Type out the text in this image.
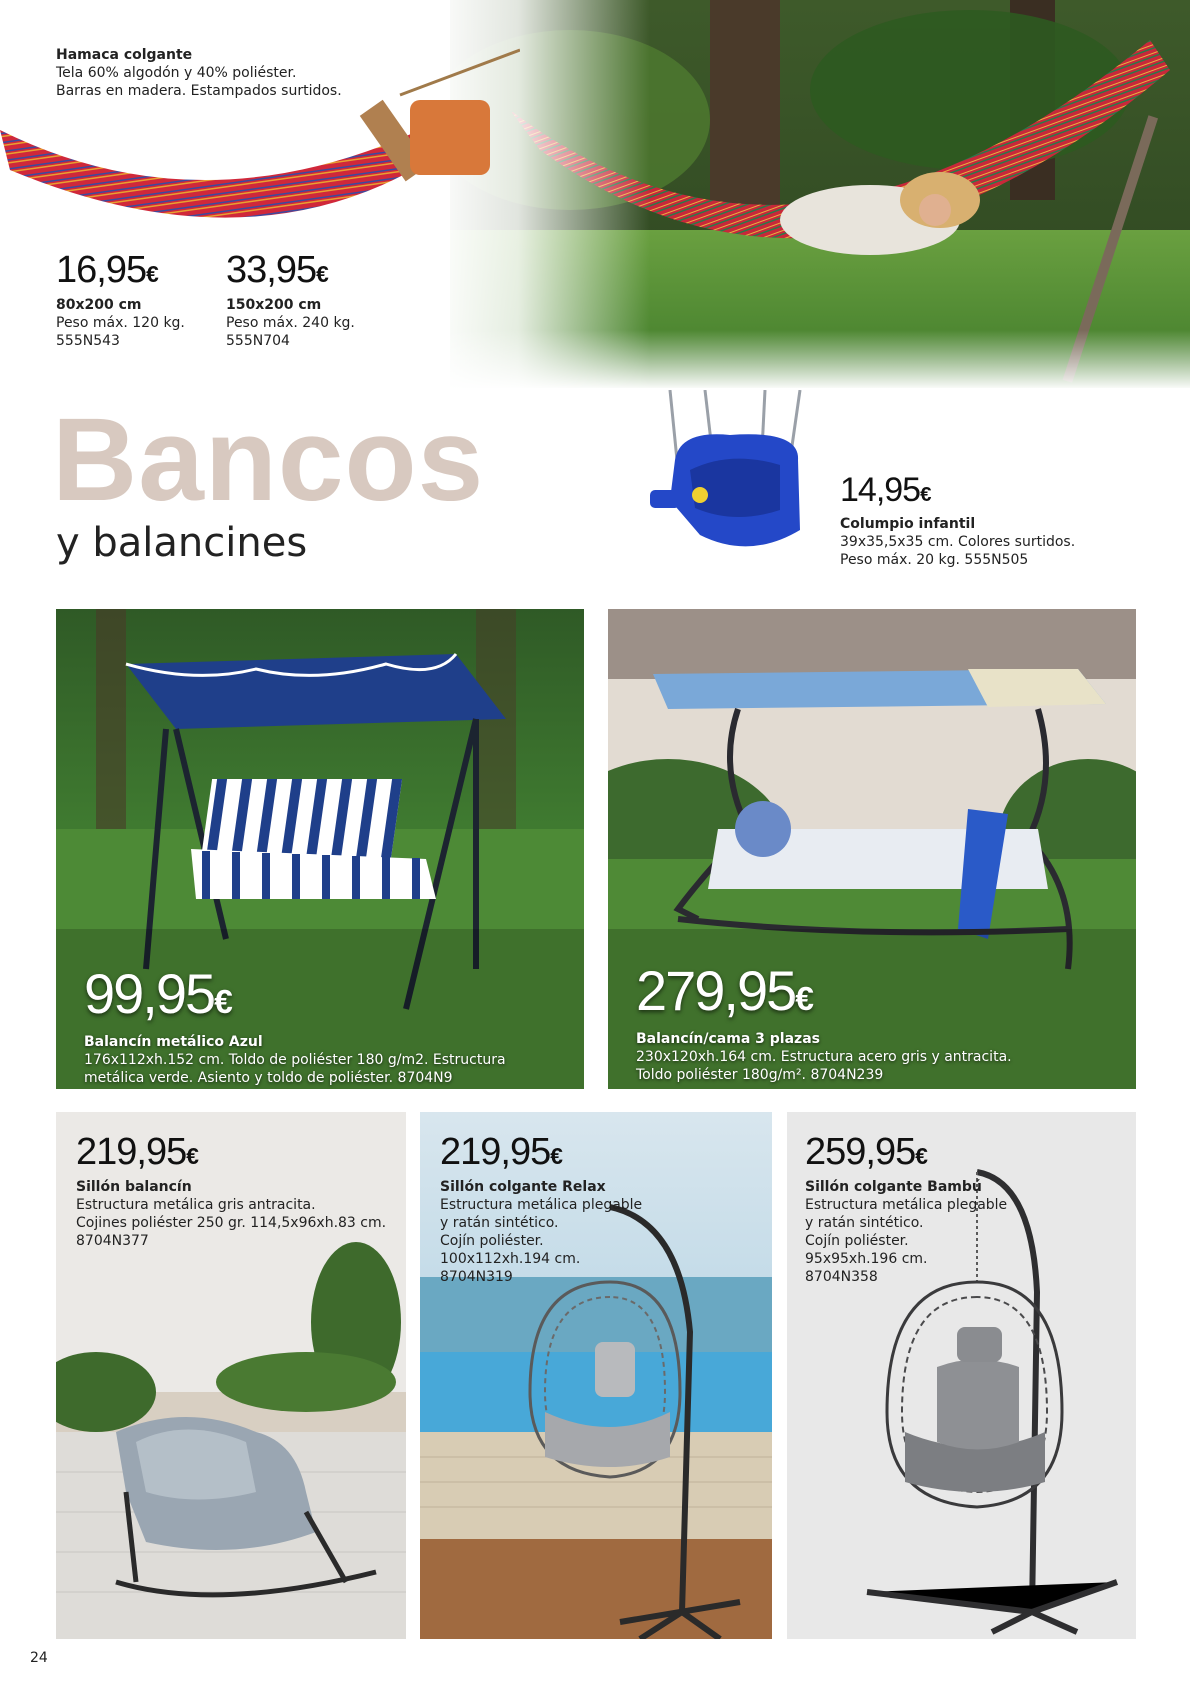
Hamaca colgante
Tela 60% algodón y 40% poliéster.
Barras en madera. Estampados surtidos.
16,95€
80x200 cm
Peso máx. 120 kg.
555N543
33,95€
150x200 cm
Peso máx. 240 kg.
555N704
Bancos
y balancines
14,95€
Columpio infantil
39x35,5x35 cm. Colores surtidos.
Peso máx. 20 kg. 555N505
99,95€
Balancín metálico Azul
176x112xh.152 cm. Toldo de poliéster 180 g/m2. Estructura
metálica verde. Asiento y toldo de poliéster. 8704N9
279,95€
Balancín/cama 3 plazas
230x120xh.164 cm. Estructura acero gris y antracita.
Toldo poliéster 180g/m². 8704N239
219,95€
Sillón balancín
Estructura metálica gris antracita.
Cojines poliéster 250 gr. 114,5x96xh.83 cm.
8704N377
219,95€
Sillón colgante Relax
Estructura metálica plegable
y ratán sintético.
Cojín poliéster.
100x112xh.194 cm.
8704N319
259,95€
Sillón colgante Bambú
Estructura metálica plegable
y ratán sintético.
Cojín poliéster.
95x95xh.196 cm.
8704N358
24
